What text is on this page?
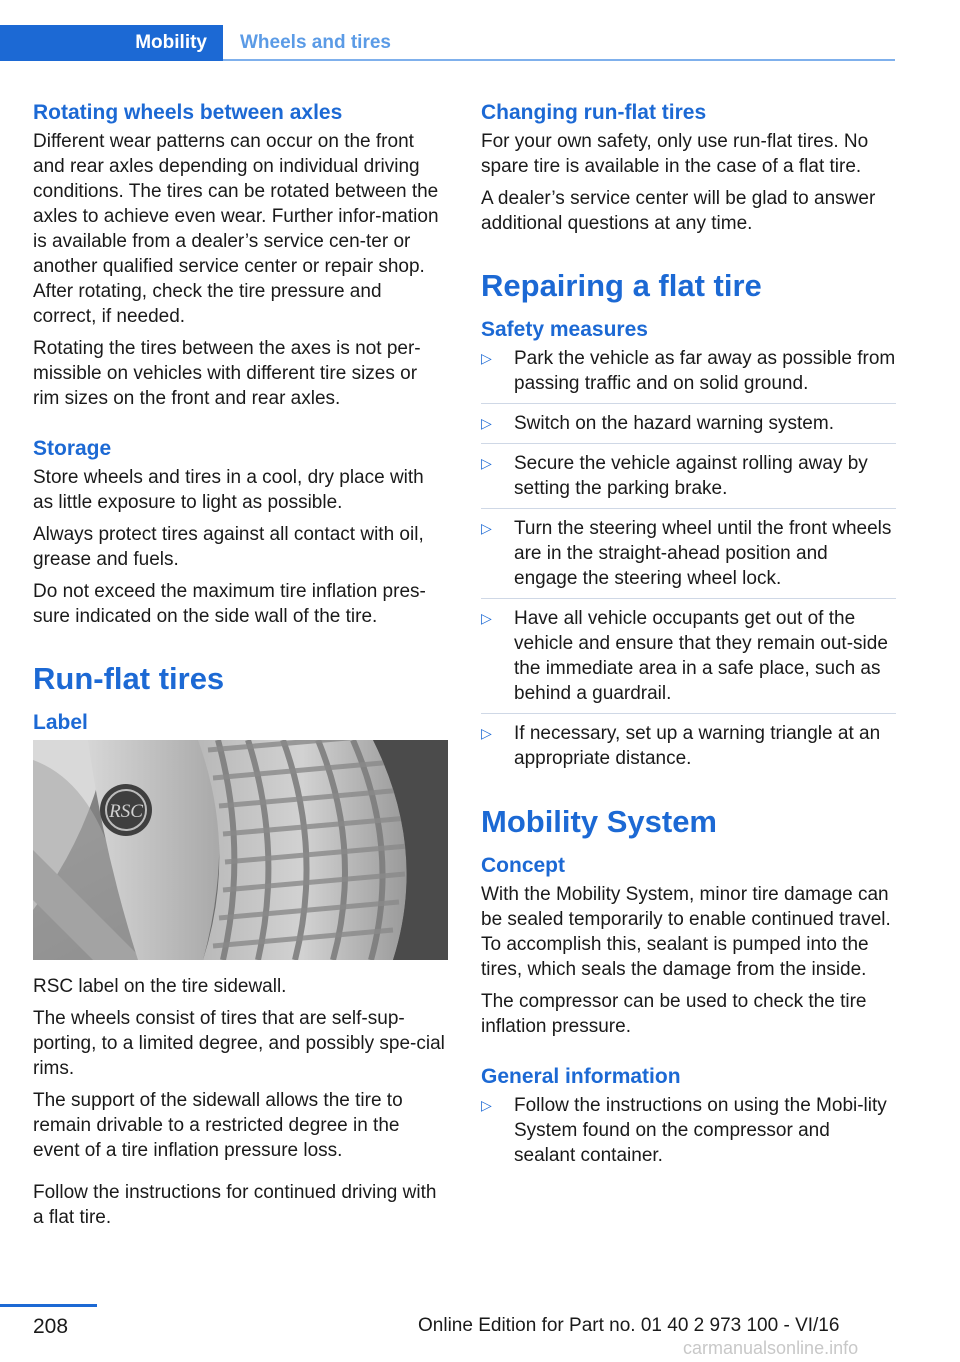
Mobility	Wheels and tires
Rotating wheels between axles

Different wear patterns can occur on the front and rear axles depending on individual driving conditions. The tires can be rotated between the axles to achieve even wear. Further infor-mation is available from a dealer’s service cen-ter or another qualified service center or repair shop. After rotating, check the tire pressure and correct, if needed.

Rotating the tires between the axes is not per-missible on vehicles with different tire sizes or rim sizes on the front and rear axles.

Storage

Store wheels and tires in a cool, dry place with as little exposure to light as possible.

Always protect tires against all contact with oil, grease and fuels.

Do not exceed the maximum tire inflation pres-sure indicated on the side wall of the tire.

Run-flat tires
Label
RSC

RSC label on the tire sidewall.

The wheels consist of tires that are self-sup-porting, to a limited degree, and possibly spe-cial rims.

The support of the sidewall allows the tire to remain drivable to a restricted degree in the event of a tire inflation pressure loss.

Follow the instructions for continued driving with a flat tire.

Changing run-flat tires

For your own safety, only use run-flat tires. No spare tire is available in the case of a flat tire.

A dealer’s service center will be glad to answer additional questions at any time.

Repairing a flat tire
Safety measures
▷ Park the vehicle as far away as possible from passing traffic and on solid ground.
▷ Switch on the hazard warning system.
▷ Secure the vehicle against rolling away by setting the parking brake.
▷ Turn the steering wheel until the front wheels are in the straight-ahead position and engage the steering wheel lock.
▷ Have all vehicle occupants get out of the vehicle and ensure that they remain out-side the immediate area in a safe place, such as behind a guardrail.
▷ If necessary, set up a warning triangle at an appropriate distance.
Mobility System
Concept

With the Mobility System, minor tire damage can be sealed temporarily to enable continued travel. To accomplish this, sealant is pumped into the tires, which seals the damage from the inside.

The compressor can be used to check the tire inflation pressure.

General information
▷ Follow the instructions on using the Mobi-lity System found on the compressor and sealant container.
208	Online Edition for Part no. 01 40 2 973 100 - VI/16
carmanualsonline.info
